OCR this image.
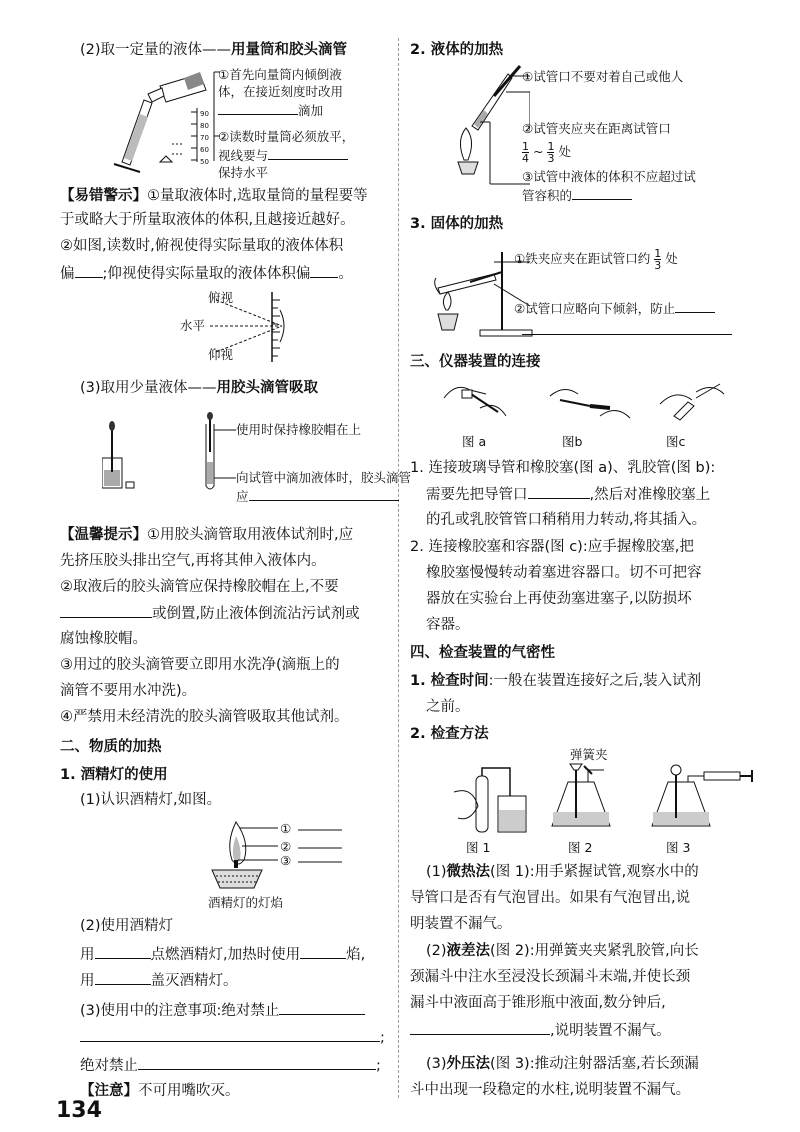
(2)取一定量的液体——用量筒和胶头滴管
90
80
70
60
50
①首先向量筒内倾倒液
体，在接近刻度时改用
滴加
②读数时量筒必须放平，
视线要与
保持水平
【易错警示】①量取液体时,选取量筒的量程要等
于或略大于所量取液体的体积,且越接近越好。
②如图,读数时,俯视使得实际量取的液体体积
偏 ;仰视使得实际量取的液体体积偏 。
俯视
水平
仰视
(3)取用少量液体——用胶头滴管吸取
使用时保持橡胶帽在上
向试管中滴加液体时，胶头滴管
应
【温馨提示】①用胶头滴管取用液体试剂时,应
先挤压胶头排出空气,再将其伸入液体内。
②取液后的胶头滴管应保持橡胶帽在上,不要
或倒置,防止液体倒流沾污试剂或
腐蚀橡胶帽。
③用过的胶头滴管要立即用水洗净(滴瓶上的
滴管不要用水冲洗)。
④严禁用未经清洗的胶头滴管吸取其他试剂。
二、物质的加热
1. 酒精灯的使用
(1)认识酒精灯,如图。
①
②
③
酒精灯的灯焰
(2)使用酒精灯
用	点燃酒精灯,加热时使用	焰,
用	盖灭酒精灯。
(3)使用中的注意事项:绝对禁止
;
绝对禁止	;
【注意】不可用嘴吹灭。
2. 液体的加热
①试管口不要对着自己或他人
②试管夹应夹在距离试管口
$\frac{1}{4}$ ~ $\frac{1}{3}$ 处
③试管中液体的体积不应超过试
管容积的
3. 固体的加热
①铁夹应夹在距试管口约 $\frac{1}{3}$ 处
②试管口应略向下倾斜，防止
三、仪器装置的连接
图 a	图b	图c
1. 连接玻璃导管和橡胶塞(图 a)、乳胶管(图 b):
需要先把导管口	,然后对准橡胶塞上
的孔或乳胶管管口稍稍用力转动,将其插入。
2. 连接橡胶塞和容器(图 c):应手握橡胶塞,把
橡胶塞慢慢转动着塞进容器口。切不可把容
器放在实验台上再使劲塞进塞子,以防损坏
容器。
四、检查装置的气密性
1. 检查时间:一般在装置连接好之后,装入试剂
之前。
2. 检查方法
弹簧夹
图 1	图 2	图 3
(1)微热法(图 1):用手紧握试管,观察水中的
导管口是否有气泡冒出。如果有气泡冒出,说
明装置不漏气。
(2)液差法(图 2):用弹簧夹夹紧乳胶管,向长
颈漏斗中注水至浸没长颈漏斗末端,并使长颈
漏斗中液面高于锥形瓶中液面,数分钟后,
,说明装置不漏气。
(3)外压法(图 3):推动注射器活塞,若长颈漏
斗中出现一段稳定的水柱,说明装置不漏气。
134
